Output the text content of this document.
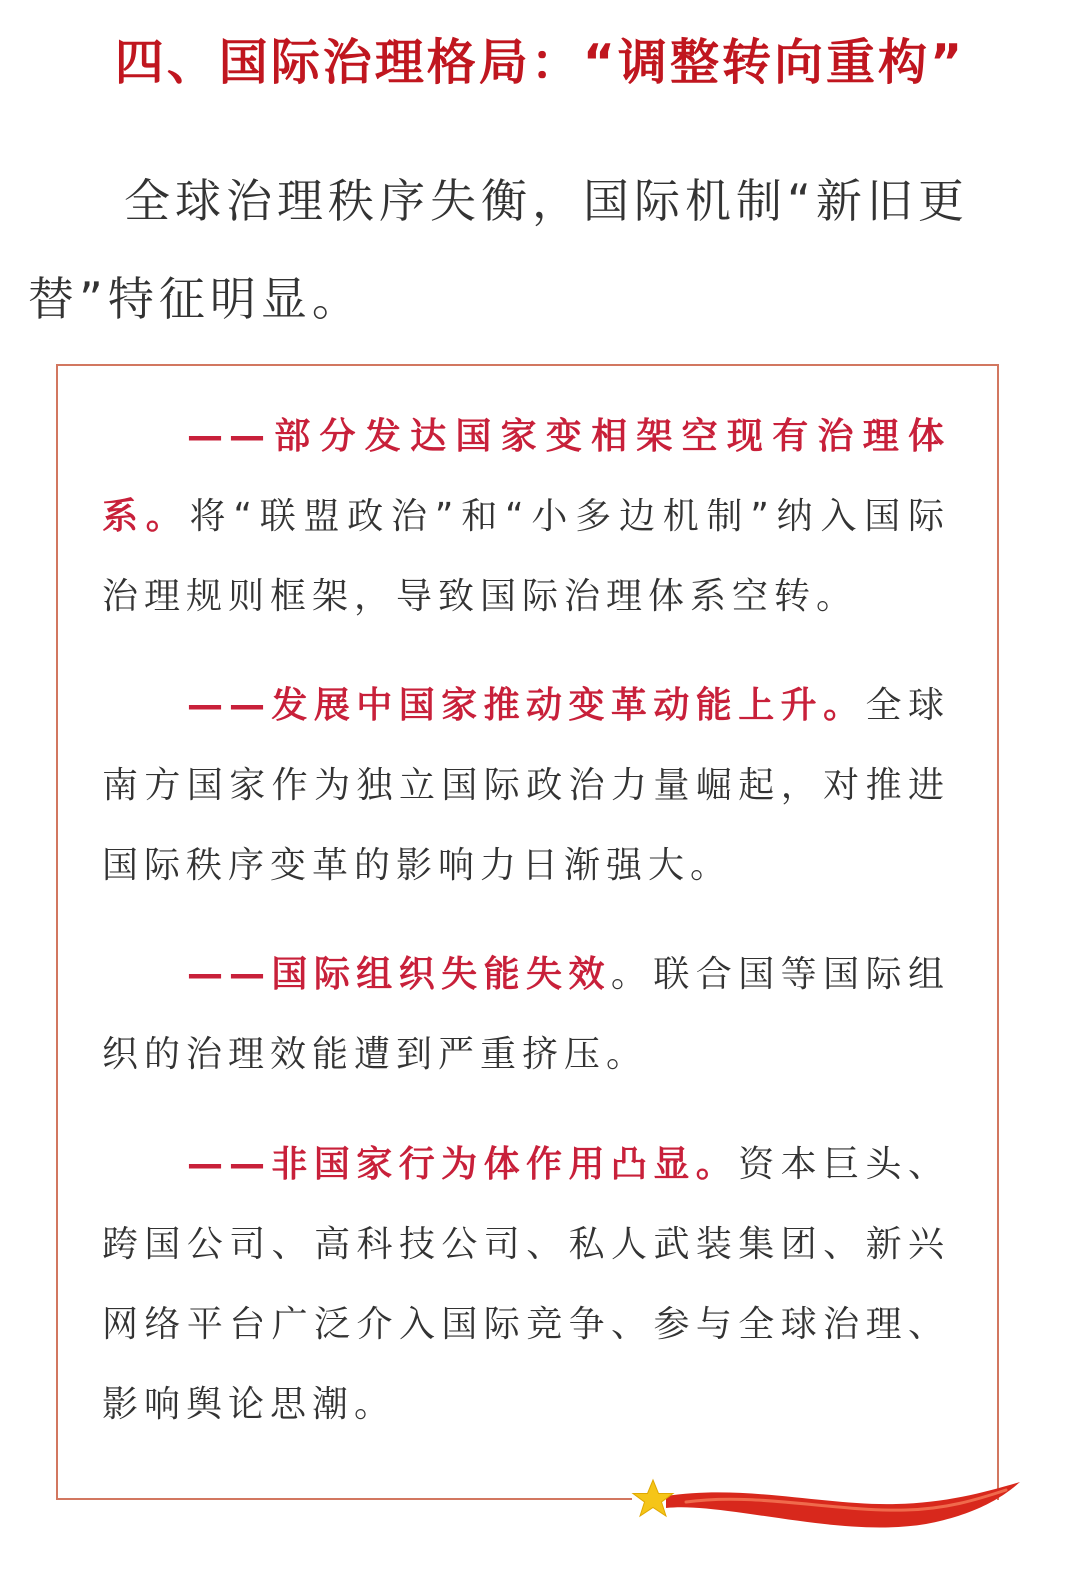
四、国际治理格局：“调整转向重构”

全球治理秩序失衡，国际机制“新旧更替”特征明显。

——部分发达国家变相架空现有治理体系。将“联盟政治”和“小多边机制”纳入国际治理规则框架，导致国际治理体系空转。

——发展中国家推动变革动能上升。全球南方国家作为独立国际政治力量崛起，对推进国际秩序变革的影响力日渐强大。

——国际组织失能失效。联合国等国际组织的治理效能遭到严重挤压。

——非国家行为体作用凸显。资本巨头、跨国公司、高科技公司、私人武装集团、新兴网络平台广泛介入国际竞争、参与全球治理、影响舆论思潮。
